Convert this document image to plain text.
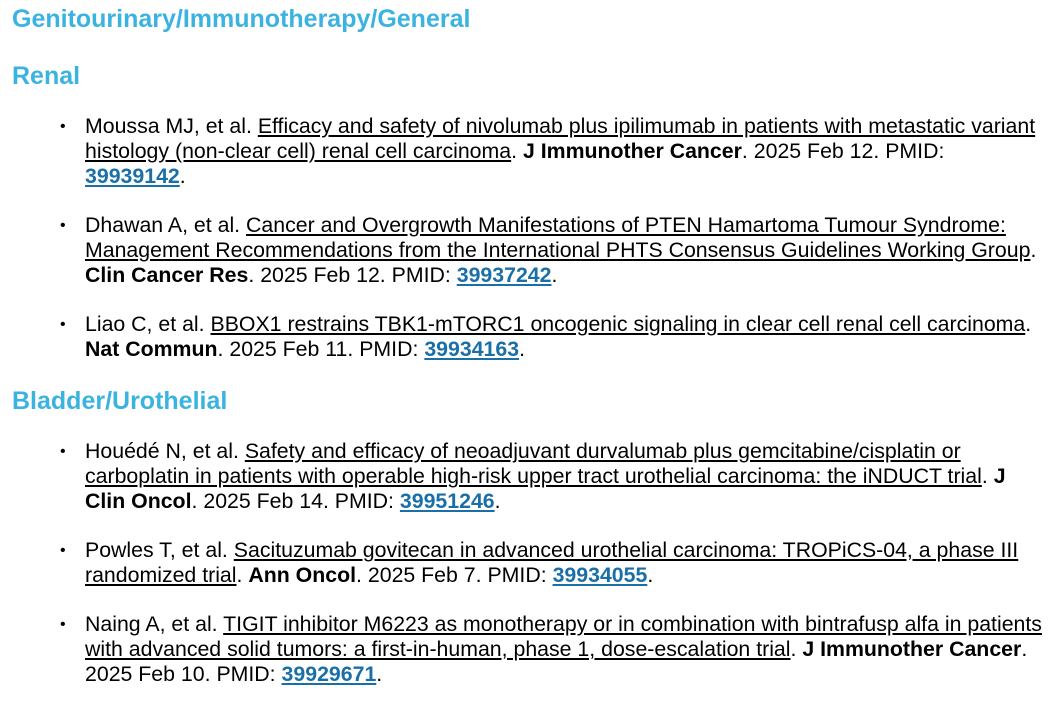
Genitourinary/Immunotherapy/General
Renal
• Moussa MJ, et al. Efficacy and safety of nivolumab plus ipilimumab in patients with metastatic variant histology (non-clear cell) renal cell carcinoma. J Immunother Cancer. 2025 Feb 12. PMID: 39939142.
• Dhawan A, et al. Cancer and Overgrowth Manifestations of PTEN Hamartoma Tumour Syndrome: Management Recommendations from the International PHTS Consensus Guidelines Working Group. Clin Cancer Res. 2025 Feb 12. PMID: 39937242.
• Liao C, et al. BBOX1 restrains TBK1-mTORC1 oncogenic signaling in clear cell renal cell carcinoma. Nat Commun. 2025 Feb 11. PMID: 39934163.
Bladder/Urothelial
• Houédé N, et al. Safety and efficacy of neoadjuvant durvalumab plus gemcitabine/cisplatin or carboplatin in patients with operable high-risk upper tract urothelial carcinoma: the iNDUCT trial. J Clin Oncol. 2025 Feb 14. PMID: 39951246.
• Powles T, et al. Sacituzumab govitecan in advanced urothelial carcinoma: TROPiCS-04, a phase III randomized trial. Ann Oncol. 2025 Feb 7. PMID: 39934055.
• Naing A, et al. TIGIT inhibitor M6223 as monotherapy or in combination with bintrafusp alfa in patients with advanced solid tumors: a first-in-human, phase 1, dose-escalation trial. J Immunother Cancer. 2025 Feb 10. PMID: 39929671.
